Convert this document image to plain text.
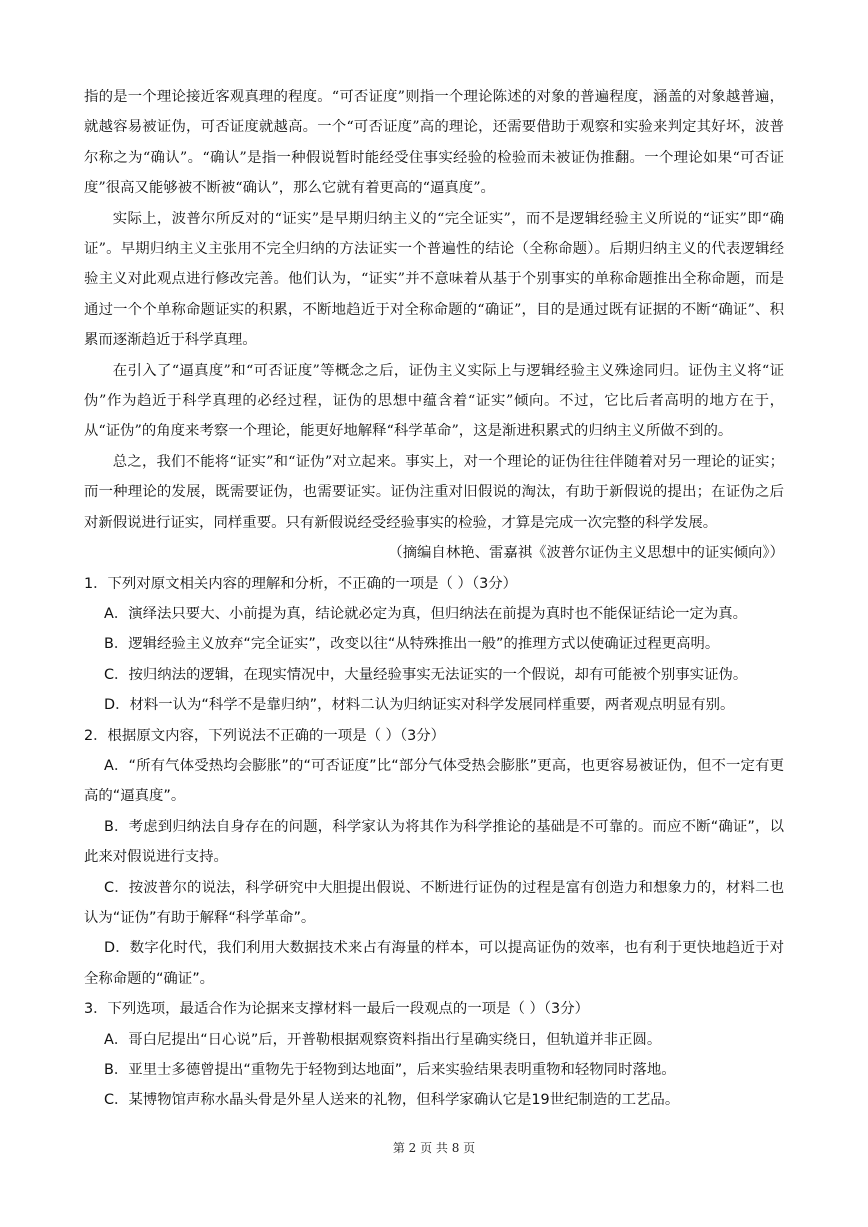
指的是一个理论接近客观真理的程度。“可否证度”则指一个理论陈述的对象的普遍程度，涵盖的对象越普遍，就越容易被证伪，可否证度就越高。一个“可否证度”高的理论，还需要借助于观察和实验来判定其好坏，波普尔称之为“确认”。“确认”是指一种假说暂时能经受住事实经验的检验而未被证伪推翻。一个理论如果“可否证度”很高又能够被不断被“确认”，那么它就有着更高的“逼真度”。

实际上，波普尔所反对的“证实”是早期归纳主义的“完全证实”，而不是逻辑经验主义所说的“证实”即“确证”。早期归纳主义主张用不完全归纳的方法证实一个普遍性的结论（全称命题）。后期归纳主义的代表逻辑经验主义对此观点进行修改完善。他们认为，“证实”并不意味着从基于个别事实的单称命题推出全称命题，而是通过一个个单称命题证实的积累，不断地趋近于对全称命题的“确证”，目的是通过既有证据的不断“确证”、积累而逐渐趋近于科学真理。

在引入了“逼真度”和“可否证度”等概念之后，证伪主义实际上与逻辑经验主义殊途同归。证伪主义将“证伪”作为趋近于科学真理的必经过程，证伪的思想中蕴含着“证实”倾向。不过，它比后者高明的地方在于，从“证伪”的角度来考察一个理论，能更好地解释“科学革命”，这是渐进积累式的归纳主义所做不到的。

总之，我们不能将“证实”和“证伪”对立起来。事实上，对一个理论的证伪往往伴随着对另一理论的证实；而一种理论的发展，既需要证伪，也需要证实。证伪注重对旧假说的淘汰，有助于新假说的提出；在证伪之后对新假说进行证实，同样重要。只有新假说经受经验事实的检验，才算是完成一次完整的科学发展。

（摘编自林艳、雷嘉祺《波普尔证伪主义思想中的证实倾向》）

1．下列对原文相关内容的理解和分析，不正确的一项是（ ）（3分）

A．演绎法只要大、小前提为真，结论就必定为真，但归纳法在前提为真时也不能保证结论一定为真。

B．逻辑经验主义放弃“完全证实”，改变以往“从特殊推出一般”的推理方式以使确证过程更高明。

C．按归纳法的逻辑，在现实情况中，大量经验事实无法证实的一个假说，却有可能被个别事实证伪。

D．材料一认为“科学不是靠归纳”，材料二认为归纳证实对科学发展同样重要，两者观点明显有别。

2．根据原文内容，下列说法不正确的一项是（ ）（3分）

A．“所有气体受热均会膨胀”的“可否证度”比“部分气体受热会膨胀”更高，也更容易被证伪，但不一定有更高的“逼真度”。

B．考虑到归纳法自身存在的问题，科学家认为将其作为科学推论的基础是不可靠的。而应不断“确证”，以此来对假说进行支持。

C．按波普尔的说法，科学研究中大胆提出假说、不断进行证伪的过程是富有创造力和想象力的，材料二也认为“证伪”有助于解释“科学革命”。

D．数字化时代，我们利用大数据技术来占有海量的样本，可以提高证伪的效率，也有利于更快地趋近于对全称命题的“确证”。

3．下列选项，最适合作为论据来支撑材料一最后一段观点的一项是（ ）（3分）

A．哥白尼提出“日心说”后，开普勒根据观察资料指出行星确实绕日，但轨道并非正圆。

B．亚里士多德曾提出“重物先于轻物到达地面”，后来实验结果表明重物和轻物同时落地。

C．某博物馆声称水晶头骨是外星人送来的礼物，但科学家确认它是19世纪制造的工艺品。

第 2 页 共 8 页
